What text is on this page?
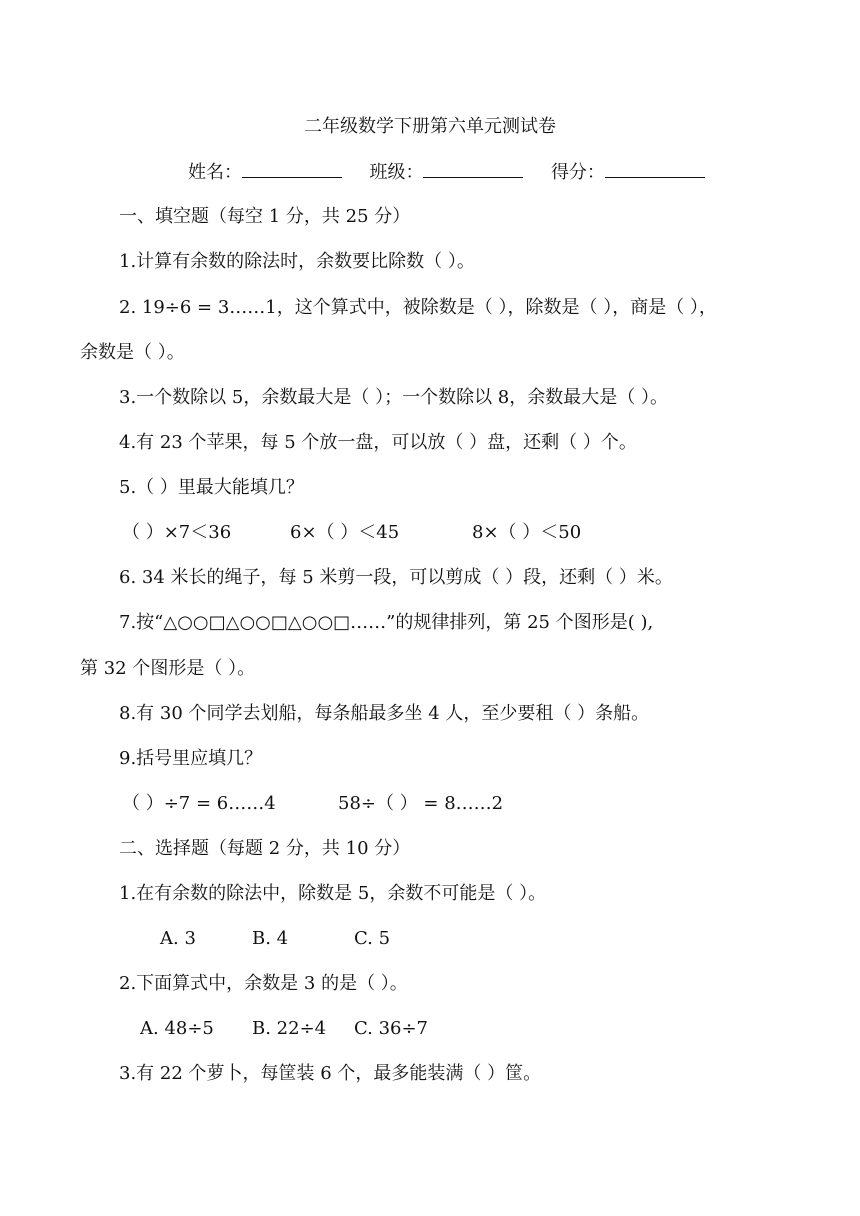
二年级数学下册第六单元测试卷
姓名：	班级：	得分：
一、填空题（每空 1 分，共 25 分）
1.计算有余数的除法时，余数要比除数（ ）。
2. 19÷6 = 3……1，这个算式中，被除数是（ ），除数是（ ），商是（ ），
余数是（ ）。
3.一个数除以 5，余数最大是（ ）；一个数除以 8，余数最大是（ ）。
4.有 23 个苹果，每 5 个放一盘，可以放（ ）盘，还剩（ ）个。
5.（ ）里最大能填几？
（ ）×7＜36	6×（ ）＜45	8×（ ）＜50
6. 34 米长的绳子，每 5 米剪一段，可以剪成（ ）段，还剩（ ）米。
7.按“△○○□△○○□△○○□……”的规律排列，第 25 个图形是( ),
第 32 个图形是（ ）。
8.有 30 个同学去划船，每条船最多坐 4 人，至少要租（ ）条船。
9.括号里应填几？
（ ）÷7 = 6……4	58÷（ ） = 8……2
二、选择题（每题 2 分，共 10 分）
1.在有余数的除法中，除数是 5，余数不可能是（ ）。
A. 3	B. 4	C. 5
2.下面算式中，余数是 3 的是（ ）。
A. 48÷5 B. 22÷4 C. 36÷7
3.有 22 个萝卜，每筐装 6 个，最多能装满（ ）筐。
